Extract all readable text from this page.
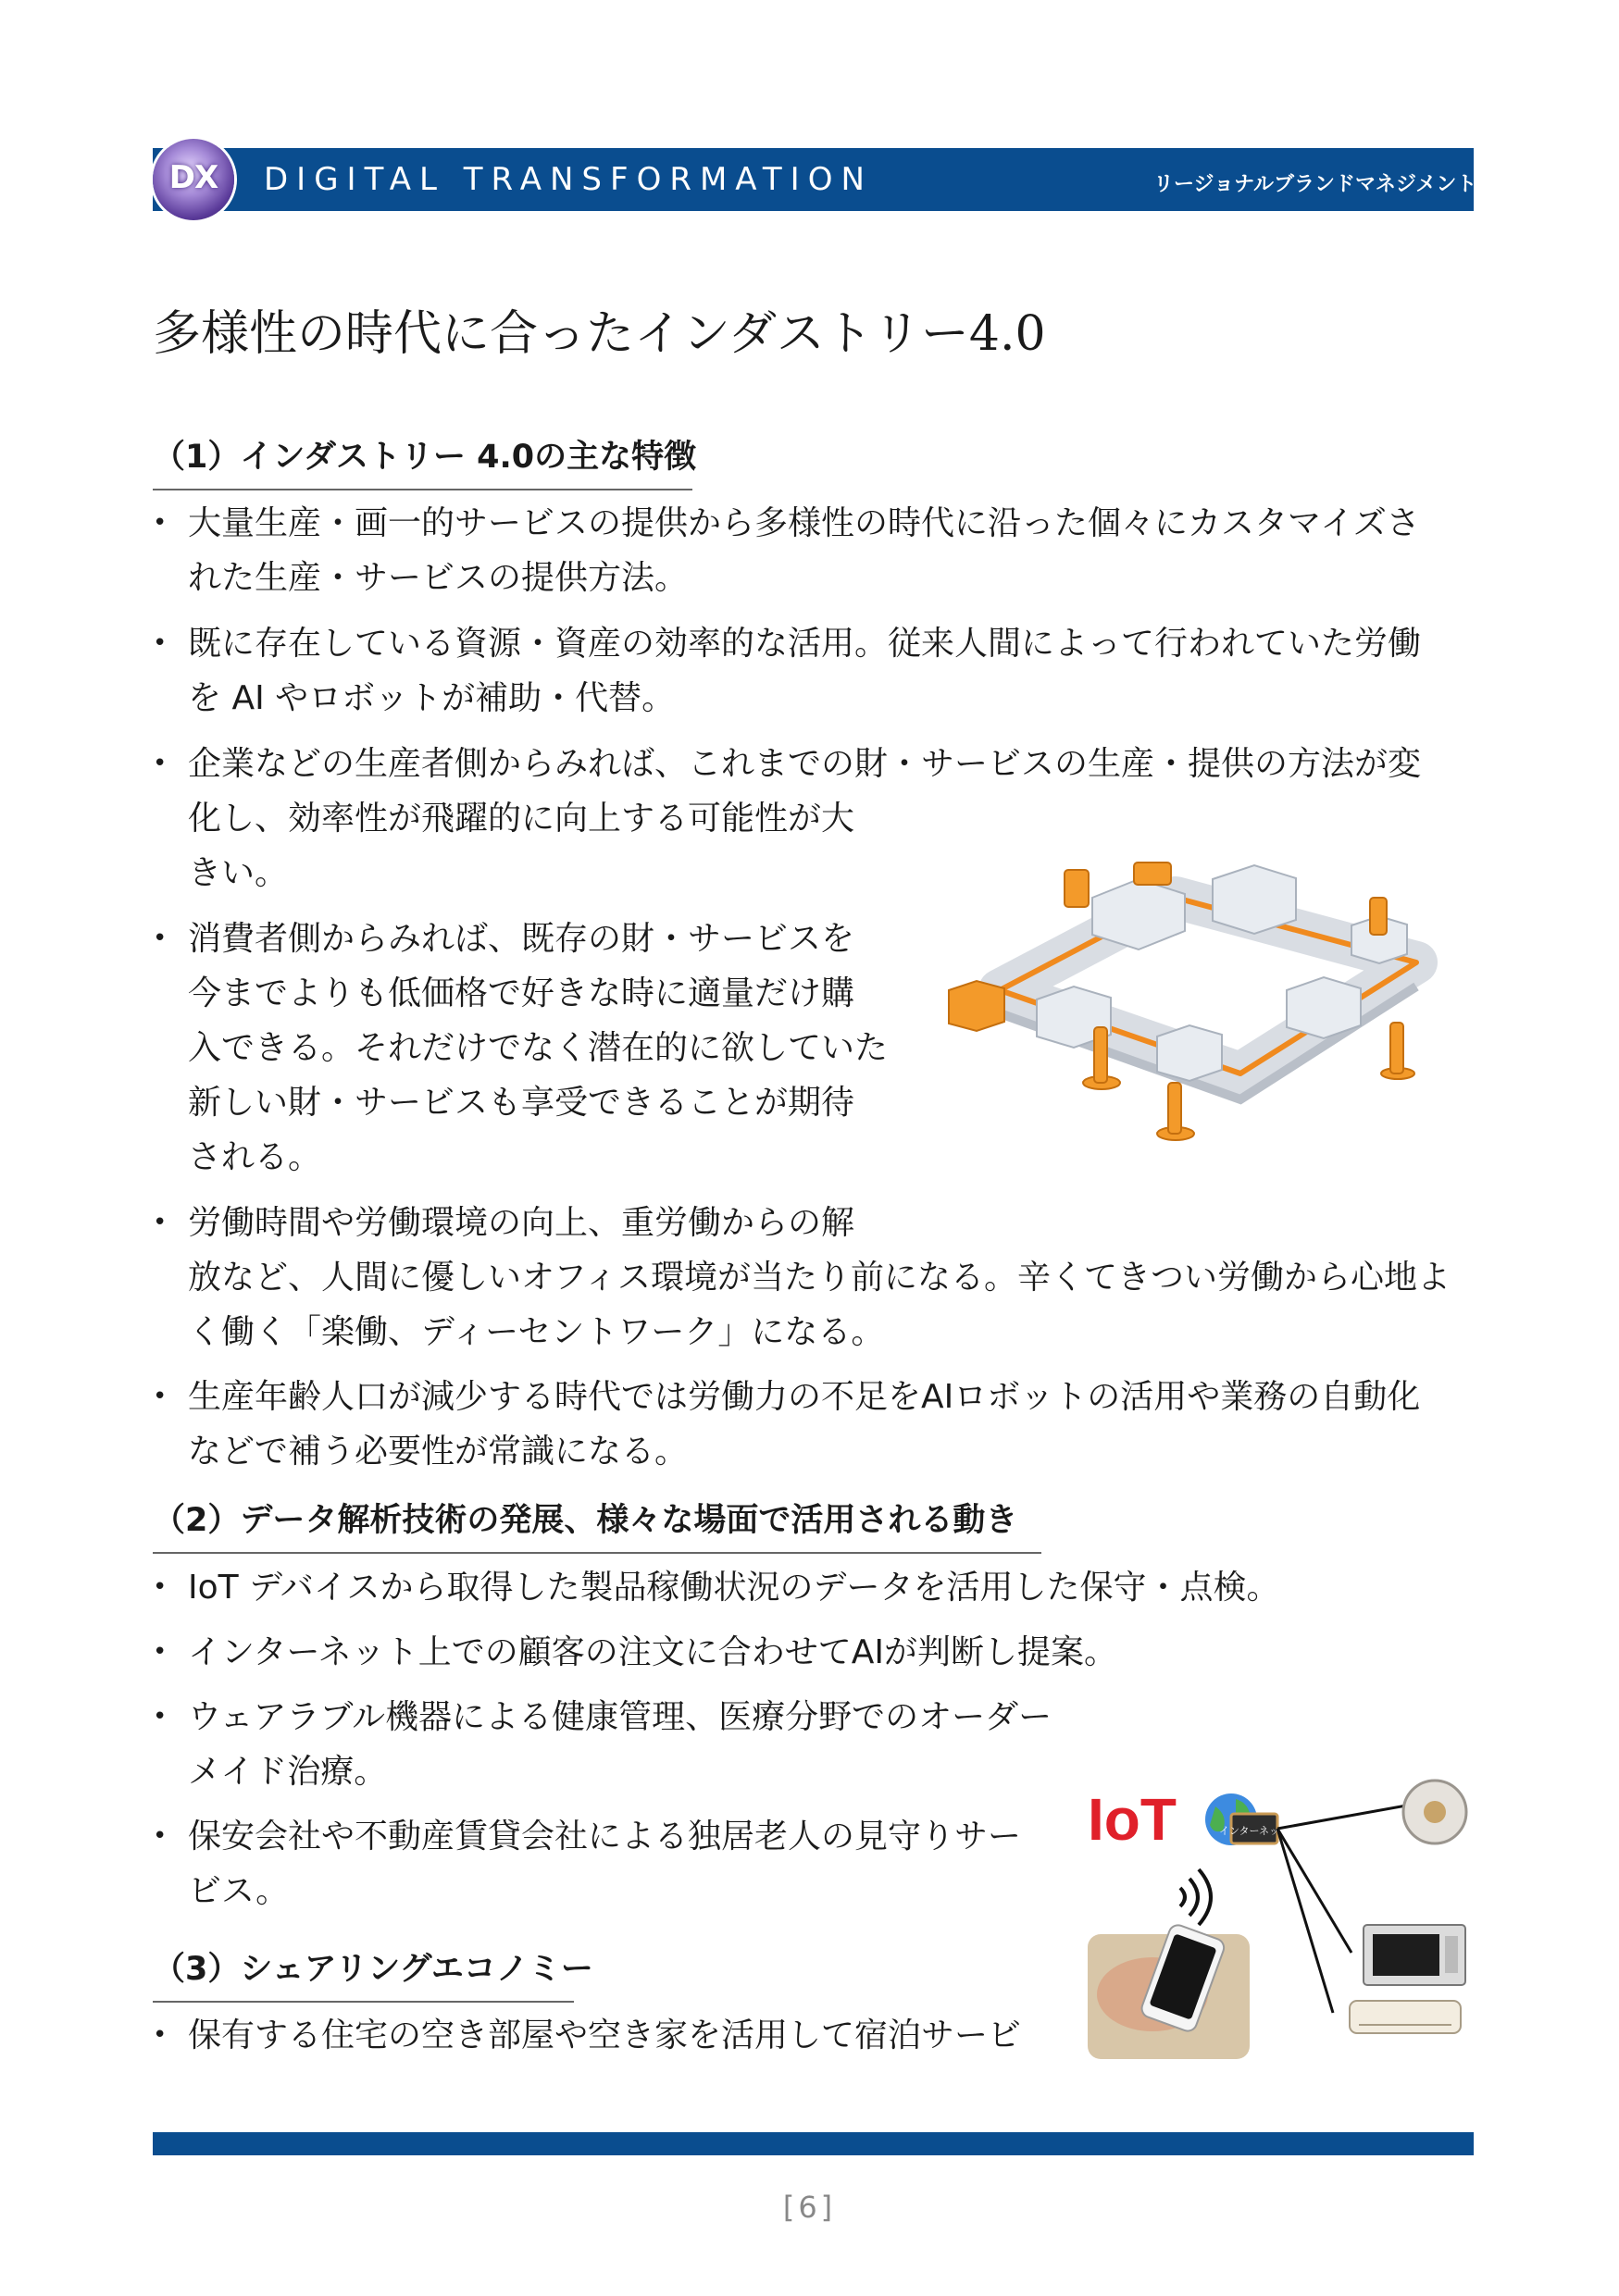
DX	DIGITAL TRANSFORMATION	リージョナルブランドマネジメント
多様性の時代に合ったインダストリー4.0
（1）インダストリー 4.0の主な特徴
• 大量生産・画一的サービスの提供から多様性の時代に沿った個々にカスタマイズさ
れた生産・サービスの提供方法。
• 既に存在している資源・資産の効率的な活用。従来人間によって行われていた労働
を AI やロボットが補助・代替。
• 企業などの生産者側からみれば、これまでの財・サービスの生産・提供の方法が変
化し、効率性が飛躍的に向上する可能性が大
きい。
• 消費者側からみれば、既存の財・サービスを
今までよりも低価格で好きな時に適量だけ購
入できる。それだけでなく潜在的に欲していた
新しい財・サービスも享受できることが期待
される。
• 労働時間や労働環境の向上、重労働からの解
放など、人間に優しいオフィス環境が当たり前になる。辛くてきつい労働から心地よ
く働く「楽働、ディーセントワーク」になる。
• 生産年齢人口が減少する時代では労働力の不足をAIロボットの活用や業務の自動化
などで補う必要性が常識になる。
（2）データ解析技術の発展、様々な場面で活用される動き
• IoT デバイスから取得した製品稼働状況のデータを活用した保守・点検。
• インターネット上での顧客の注文に合わせてAIが判断し提案。
• ウェアラブル機器による健康管理、医療分野でのオーダー
メイド治療。
• 保安会社や不動産賃貸会社による独居老人の見守りサー
ビス。
IoT	インターネット
（3）シェアリングエコノミー
• 保有する住宅の空き部屋や空き家を活用して宿泊サービ
[6]
